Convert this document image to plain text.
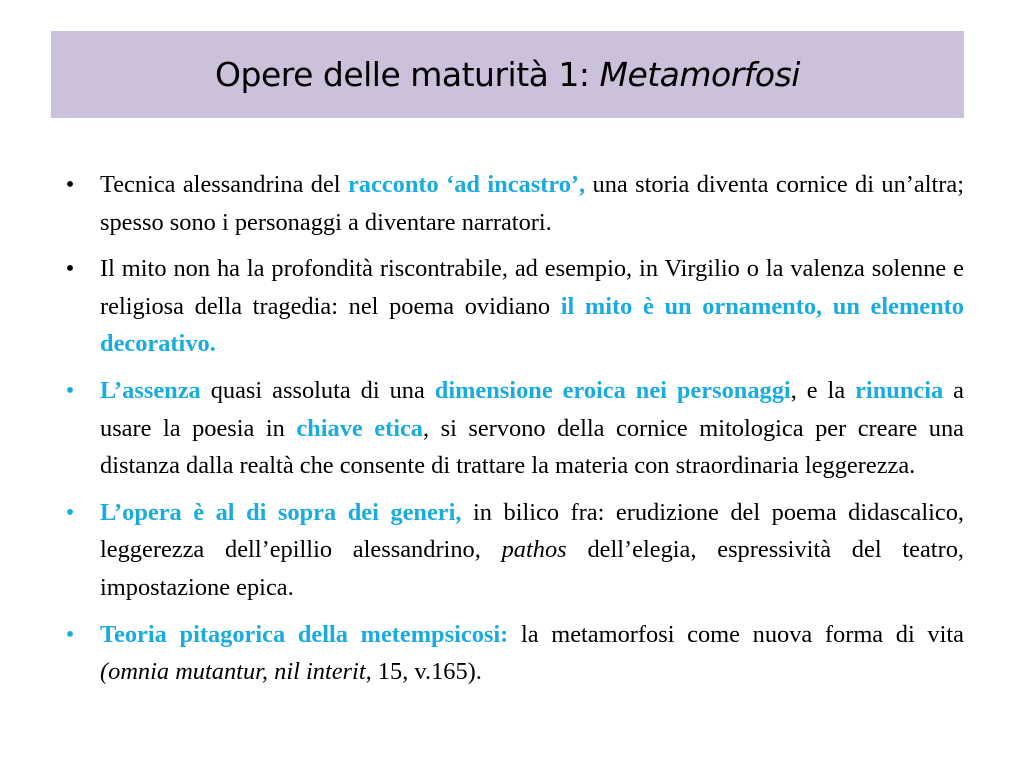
Opere delle maturità 1: Metamorfosi
• Tecnica alessandrina del racconto ‘ad incastro’, una storia diventa cornice di un’altra; spesso sono i personaggi a diventare narratori.
• Il mito non ha la profondità riscontrabile, ad esempio, in Virgilio o la valenza solenne e religiosa della tragedia: nel poema ovidiano il mito è un ornamento, un elemento decorativo.
• L’assenza quasi assoluta di una dimensione eroica nei personaggi, e la rinuncia a usare la poesia in chiave etica, si servono della cornice mitologica per creare una distanza dalla realtà che consente di trattare la materia con straordinaria leggerezza.
• L’opera è al di sopra dei generi, in bilico fra: erudizione del poema didascalico, leggerezza dell’epillio alessandrino, pathos dell’elegia, espressività del teatro, impostazione epica.
• Teoria pitagorica della metempsicosi: la metamorfosi come nuova forma di vita (omnia mutantur, nil interit, 15, v.165).
